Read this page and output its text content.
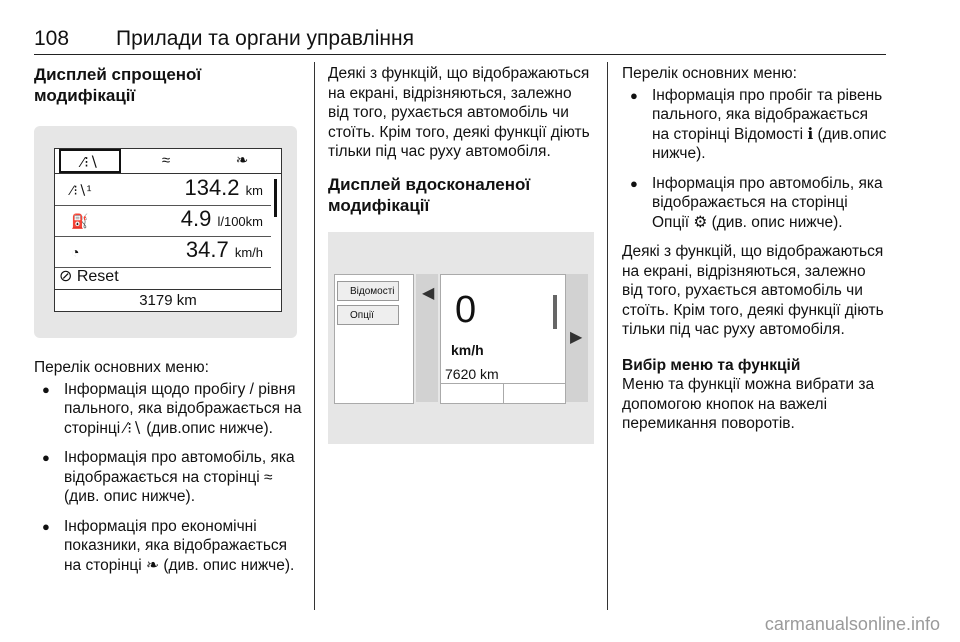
108 Прилади та органи управління

Дисплей спрощеної
модифікації

⁄⁝∖	≈	❧
⁄⁝∖¹	134.2 km
⛽	4.9 l/100km
◔	34.7 km/h
⊘ Reset
3179 km

Перелік основних меню:

● Інформація щодо пробігу / рівня пального, яка відображається на сторінці ⁄⁝∖ (див.опис нижче).
● Інформація про автомобіль, яка відображається на сторінці ≈ (див. опис нижче).
● Інформація про економічні показники, яка відображається на сторінці ❧ (див. опис нижче).

Деякі з функцій, що відображаються на екрані, відрізняються, залежно від того, рухається автомобіль чи стоїть. Крім того, деякі функції діють тільки під час руху автомобіля.

Дисплей вдосконаленої
модифікації

Відомості
Опції
◀ 0
km/h
7620 km
▶

Перелік основних меню:

● Інформація про пробіг та рівень пального, яка відображається на сторінці Відомості ℹ (див.опис нижче).
● Інформація про автомобіль, яка відображається на сторінці Опції ⚙ (див. опис нижче).

Деякі з функцій, що відображаються на екрані, відрізняються, залежно від того, рухається автомобіль чи стоїть. Крім того, деякі функції діють тільки під час руху автомобіля.

Вибір меню та функцій

Меню та функції можна вибрати за допомогою кнопок на важелі перемикання поворотів.

carmanualsonline.info
